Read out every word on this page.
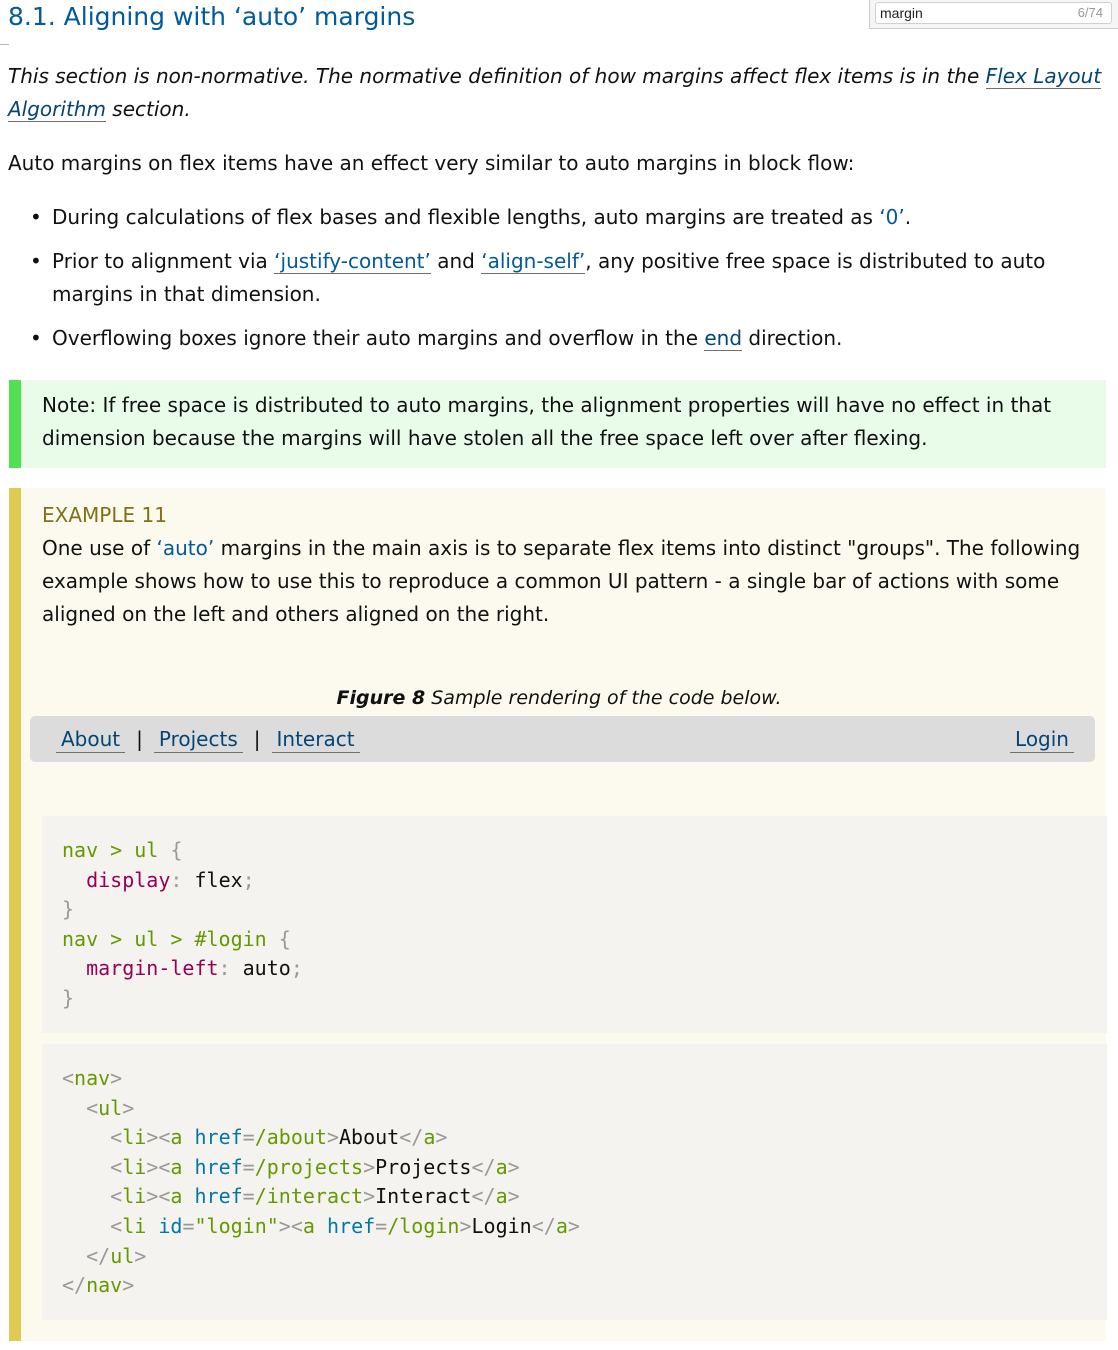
8.1. Aligning with ‘auto’ margins
margin	6/74

This section is non-normative. The normative definition of how margins affect flex items is in the Flex Layout Algorithm section.

Auto margins on flex items have an effect very similar to auto margins in block flow:

• During calculations of flex bases and flexible lengths, auto margins are treated as ‘0’.
• Prior to alignment via ‘justify-content’ and ‘align-self’, any positive free space is distributed to auto margins in that dimension.
• Overflowing boxes ignore their auto margins and overflow in the end direction.
Note: If free space is distributed to auto margins, the alignment properties will have no effect in that dimension because the margins will have stolen all the free space left over after flexing.
EXAMPLE 11

One use of ‘auto’ margins in the main axis is to separate flex items into distinct "groups". The following example shows how to use this to reproduce a common UI pattern - a single bar of actions with some aligned on the left and others aligned on the right.

nav > ul {
display: flex;
}
nav > ul > #login {
margin-left: auto;
}
<nav>
<ul>
<li><a href=/about>About</a>
<li><a href=/projects>Projects</a>
<li><a href=/interact>Interact</a>
<li id="login"><a href=/login>Login</a>
</ul>
</nav>
Figure 8 Sample rendering of the code below.
About | Projects | Interact	Login
